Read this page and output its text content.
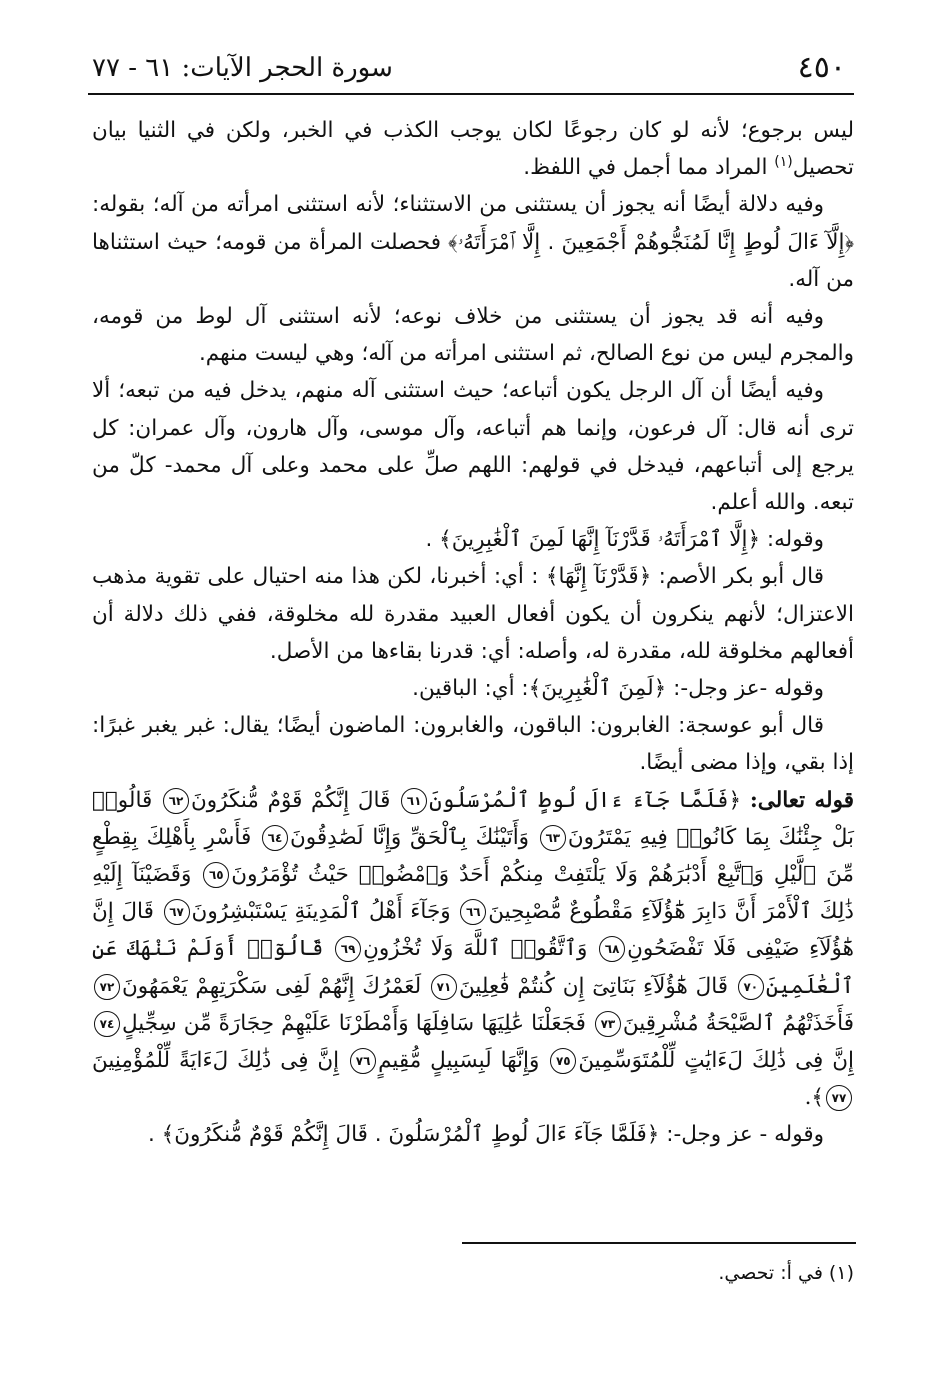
٤٥٠
سورة الحجر الآيات: ٦١ - ٧٧

ليس برجوع؛ لأنه لو كان رجوعًا لكان يوجب الكذب في الخبر، ولكن في الثنيا بيان تحصيل$^{(١)}$ المراد مما أجمل في اللفظ.

وفيه دلالة أيضًا أنه يجوز أن يستثنى من الاستثناء؛ لأنه استثنى امرأته من آله؛ بقوله: ﴿إِلَّآ ءَالَ لُوطٍ إِنَّا لَمُنَجُّوهُمْ أَجْمَعِينَ . إِلَّا ٱمْرَأَتَهُۥ﴾ فحصلت المرأة من قومه؛ حيث استثناها من آله.

وفيه أنه قد يجوز أن يستثنى من خلاف نوعه؛ لأنه استثنى آل لوط من قومه، والمجرم ليس من نوع الصالح، ثم استثنى امرأته من آله؛ وهي ليست منهم.

وفيه أيضًا أن آل الرجل يكون أتباعه؛ حيث استثنى آله منهم، يدخل فيه من تبعه؛ ألا ترى أنه قال: آل فرعون، وإنما هم أتباعه، وآل موسى، وآل هارون، وآل عمران: كل يرجع إلى أتباعهم، فيدخل في قولهم: اللهم صلِّ على محمد وعلى آل محمد- كلّ من تبعه. والله أعلم.

وقوله: ﴿إِلَّا ٱمْرَأَتَهُۥ قَدَّرْنَآ إِنَّهَا لَمِنَ ٱلْغَٰبِرِينَ﴾ .

قال أبو بكر الأصم: ﴿قَدَّرْنَآ إِنَّهَا﴾ : أي: أخبرنا، لكن هذا منه احتيال على تقوية مذهب الاعتزال؛ لأنهم ينكرون أن يكون أفعال العبيد مقدرة لله مخلوقة، ففي ذلك دلالة أن أفعالهم مخلوقة لله، مقدرة له، وأصله: أي: قدرنا بقاءها من الأصل.

وقوله -عز وجل-: ﴿لَمِنَ ٱلْغَٰبِرِينَ﴾: أي: الباقين.

قال أبو عوسجة: الغابرون: الباقون، والغابرون: الماضون أيضًا؛ يقال: غبر يغبر غبرًا: إذا بقي، وإذا مضى أيضًا.

قوله تعالى: ﴿فَلَمَّا جَآءَ ءَالَ لُوطٍ ٱلْمُرْسَلُونَ٦١ قَالَ إِنَّكُمْ قَوْمٌ مُّنكَرُونَ٦٢ قَالُوا۟ بَلْ جِئْنَٰكَ بِمَا كَانُوا۟ فِيهِ يَمْتَرُونَ٦٣ وَأَتَيْنَٰكَ بِٱلْحَقِّ وَإِنَّا لَصَٰدِقُونَ٦٤ فَأَسْرِ بِأَهْلِكَ بِقِطْعٍ مِّنَ ٱلَّيْلِ وَٱتَّبِعْ أَدْبَٰرَهُمْ وَلَا يَلْتَفِتْ مِنكُمْ أَحَدٌ وَٱمْضُوا۟ حَيْثُ تُؤْمَرُونَ٦٥ وَقَضَيْنَآ إِلَيْهِ ذَٰلِكَ ٱلْأَمْرَ أَنَّ دَابِرَ هَٰٓؤُلَآءِ مَقْطُوعٌ مُّصْبِحِينَ٦٦ وَجَآءَ أَهْلُ ٱلْمَدِينَةِ يَسْتَبْشِرُونَ٦٧ قَالَ إِنَّ هَٰٓؤُلَآءِ ضَيْفِى فَلَا تَفْضَحُونِ٦٨ وَٱتَّقُوا۟ ٱللَّهَ وَلَا تُخْزُونِ٦٩ قَالُوٓا۟ أَوَلَمْ نَنْهَكَ عَنِ ٱلْعَٰلَمِينَ٧٠ قَالَ هَٰٓؤُلَآءِ بَنَاتِىٓ إِن كُنتُمْ فَٰعِلِينَ٧١ لَعَمْرُكَ إِنَّهُمْ لَفِى سَكْرَتِهِمْ يَعْمَهُونَ٧٢ فَأَخَذَتْهُمُ ٱلصَّيْحَةُ مُشْرِقِينَ٧٣ فَجَعَلْنَا عَٰلِيَهَا سَافِلَهَا وَأَمْطَرْنَا عَلَيْهِمْ حِجَارَةً مِّن سِجِّيلٍ٧٤ إِنَّ فِى ذَٰلِكَ لَءَايَٰتٍ لِّلْمُتَوَسِّمِينَ٧٥ وَإِنَّهَا لَبِسَبِيلٍ مُّقِيمٍ٧٦ إِنَّ فِى ذَٰلِكَ لَءَايَةً لِّلْمُؤْمِنِينَ٧٧﴾.

وقوله - عز وجل-: ﴿فَلَمَّا جَآءَ ءَالَ لُوطٍ ٱلْمُرْسَلُونَ . قَالَ إِنَّكُمْ قَوْمٌ مُّنكَرُونَ﴾ .

(١) في أ: تحصي.
